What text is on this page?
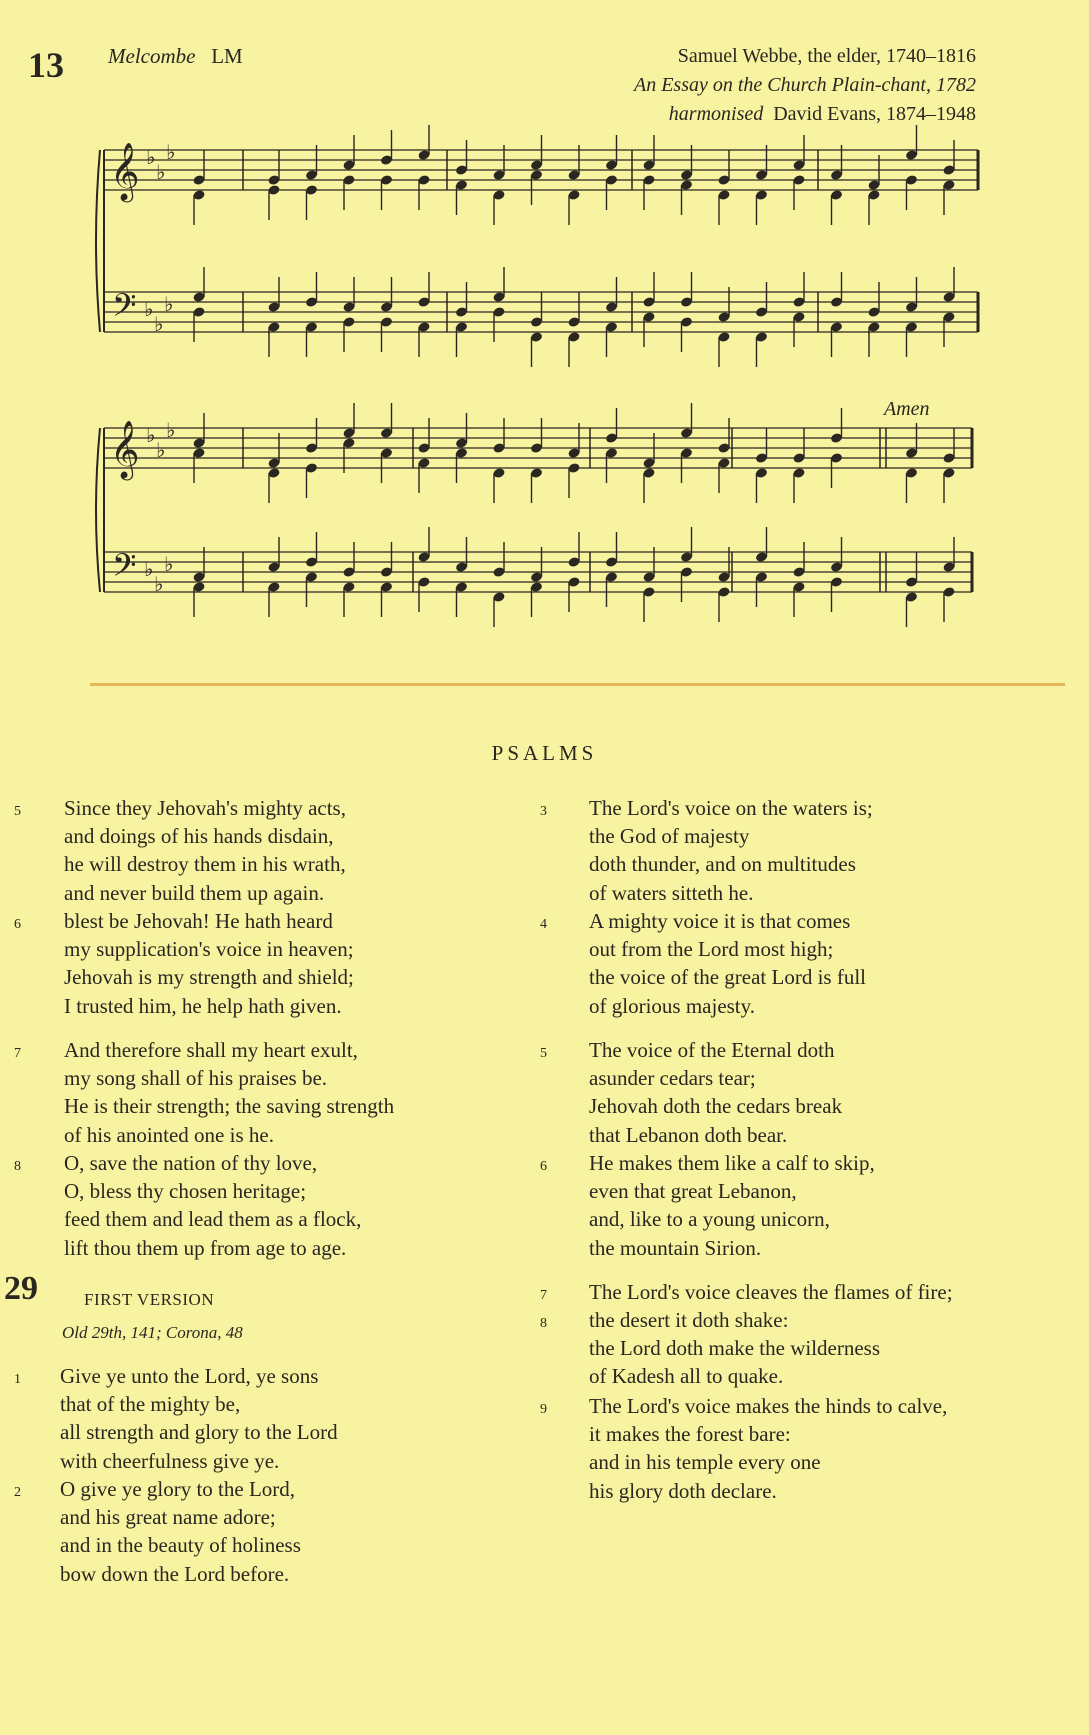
13 Melcombe LM	Samuel Webbe, the elder, 1740–1816
An Essay on the Church Plain-chant, 1782
harmonised David Evans, 1874–1948
𝄞
𝄢
♭
♭
♭
♭
♭
♭
𝄞
𝄢
♭
♭
♭
♭
♭
♭
Amen
PSALMS
5 Since they Jehovah's mighty acts,
and doings of his hands disdain,
he will destroy them in his wrath,
and never build them up again.
6 blest be Jehovah! He hath heard
my supplication's voice in heaven;
Jehovah is my strength and shield;
I trusted him, he help hath given.
7 And therefore shall my heart exult,
my song shall of his praises be.
He is their strength; the saving strength
of his anointed one is he.
8 O, save the nation of thy love,
O, bless thy chosen heritage;
feed them and lead them as a flock,
lift thou them up from age to age.
29	FIRST VERSION
Old 29th, 141; Corona, 48
1 Give ye unto the Lord, ye sons
that of the mighty be,
all strength and glory to the Lord
with cheerfulness give ye.
2 O give ye glory to the Lord,
and his great name adore;
and in the beauty of holiness
bow down the Lord before.
3 The Lord's voice on the waters is;
the God of majesty
doth thunder, and on multitudes
of waters sitteth he.
4 A mighty voice it is that comes
out from the Lord most high;
the voice of the great Lord is full
of glorious majesty.
5 The voice of the Eternal doth
asunder cedars tear;
Jehovah doth the cedars break
that Lebanon doth bear.
6 He makes them like a calf to skip,
even that great Lebanon,
and, like to a young unicorn,
the mountain Sirion.
7 The Lord's voice cleaves the flames of fire;
8 the desert it doth shake:
the Lord doth make the wilderness
of Kadesh all to quake.
9 The Lord's voice makes the hinds to calve,
it makes the forest bare:
and in his temple every one
his glory doth declare.
